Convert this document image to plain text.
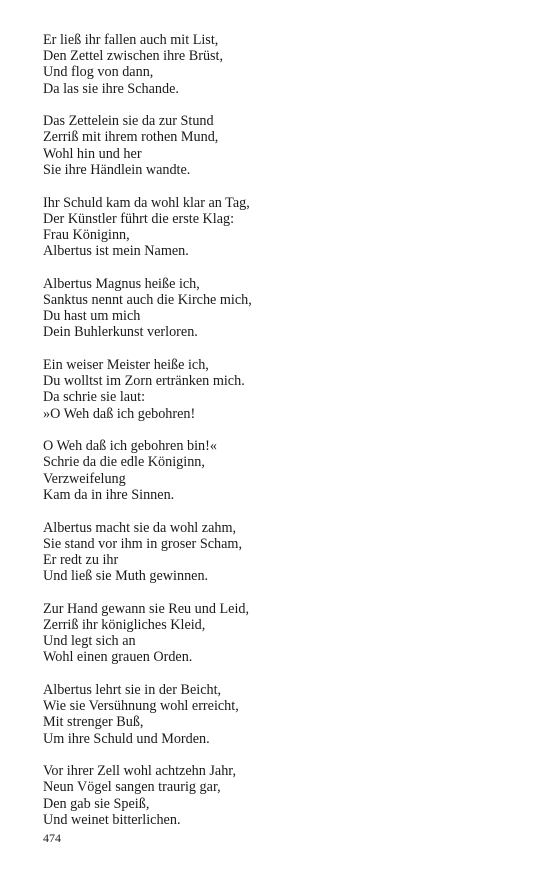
Er ließ ihr fallen auch mit List,
Den Zettel zwischen ihre Brüst,
Und flog von dann,
Da las sie ihre Schande.
Das Zettelein sie da zur Stund
Zerriß mit ihrem rothen Mund,
Wohl hin und her
Sie ihre Händlein wandte.
Ihr Schuld kam da wohl klar an Tag,
Der Künstler führt die erste Klag:
Frau Königinn,
Albertus ist mein Namen.
Albertus Magnus heiße ich,
Sanktus nennt auch die Kirche mich,
Du hast um mich
Dein Buhlerkunst verloren.
Ein weiser Meister heiße ich,
Du wolltst im Zorn ertränken mich.
Da schrie sie laut:
»O Weh daß ich gebohren!
O Weh daß ich gebohren bin!«
Schrie da die edle Königinn,
Verzweifelung
Kam da in ihre Sinnen.
Albertus macht sie da wohl zahm,
Sie stand vor ihm in groser Scham,
Er redt zu ihr
Und ließ sie Muth gewinnen.
Zur Hand gewann sie Reu und Leid,
Zerriß ihr königliches Kleid,
Und legt sich an
Wohl einen grauen Orden.
Albertus lehrt sie in der Beicht,
Wie sie Versühnung wohl erreicht,
Mit strenger Buß,
Um ihre Schuld und Morden.
Vor ihrer Zell wohl achtzehn Jahr,
Neun Vögel sangen traurig gar,
Den gab sie Speiß,
Und weinet bitterlichen.
474
